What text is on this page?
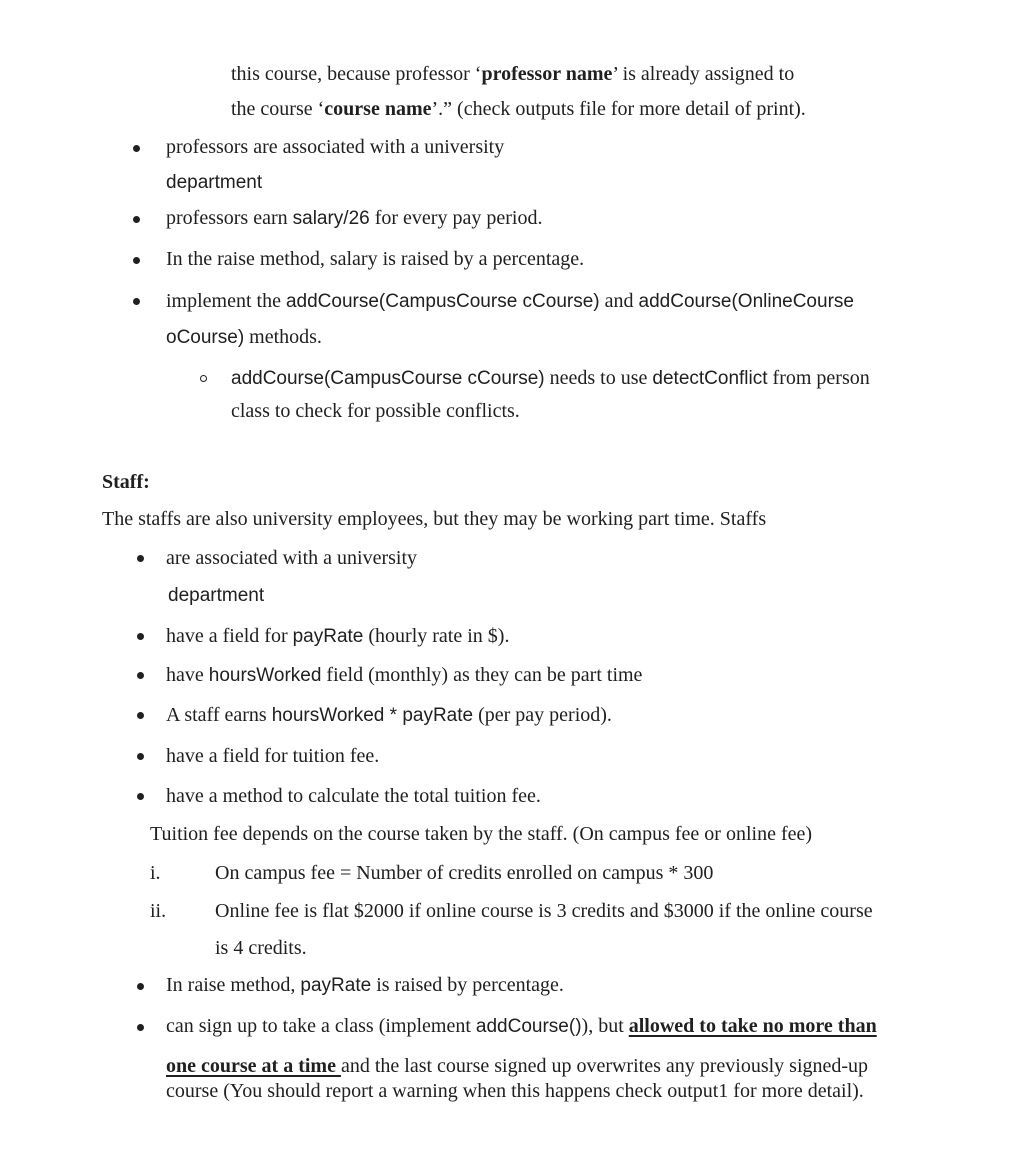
this course, because professor ‘professor name’ is already assigned to
the course ‘course name’.” (check outputs file for more detail of print).
professors are associated with a university
department
professors earn salary/26 for every pay period.
In the raise method, salary is raised by a percentage.
implement the addCourse(CampusCourse cCourse) and addCourse(OnlineCourse
oCourse) methods.
addCourse(CampusCourse cCourse) needs to use detectConflict from person
class to check for possible conflicts.
Staff:
The staffs are also university employees, but they may be working part time. Staffs
are associated with a university
department
have a field for payRate (hourly rate in $).
have hoursWorked field (monthly) as they can be part time
A staff earns hoursWorked * payRate (per pay period).
have a field for tuition fee.
have a method to calculate the total tuition fee.
Tuition fee depends on the course taken by the staff. (On campus fee or online fee)
i.	On campus fee = Number of credits enrolled on campus * 300
ii. Online fee is flat $2000 if online course is 3 credits and $3000 if the online course
is 4 credits.
In raise method, payRate is raised by percentage.
can sign up to take a class (implement addCourse()), but allowed to take no more than
one course at a time and the last course signed up overwrites any previously signed-up
course (You should report a warning when this happens check output1 for more detail).
